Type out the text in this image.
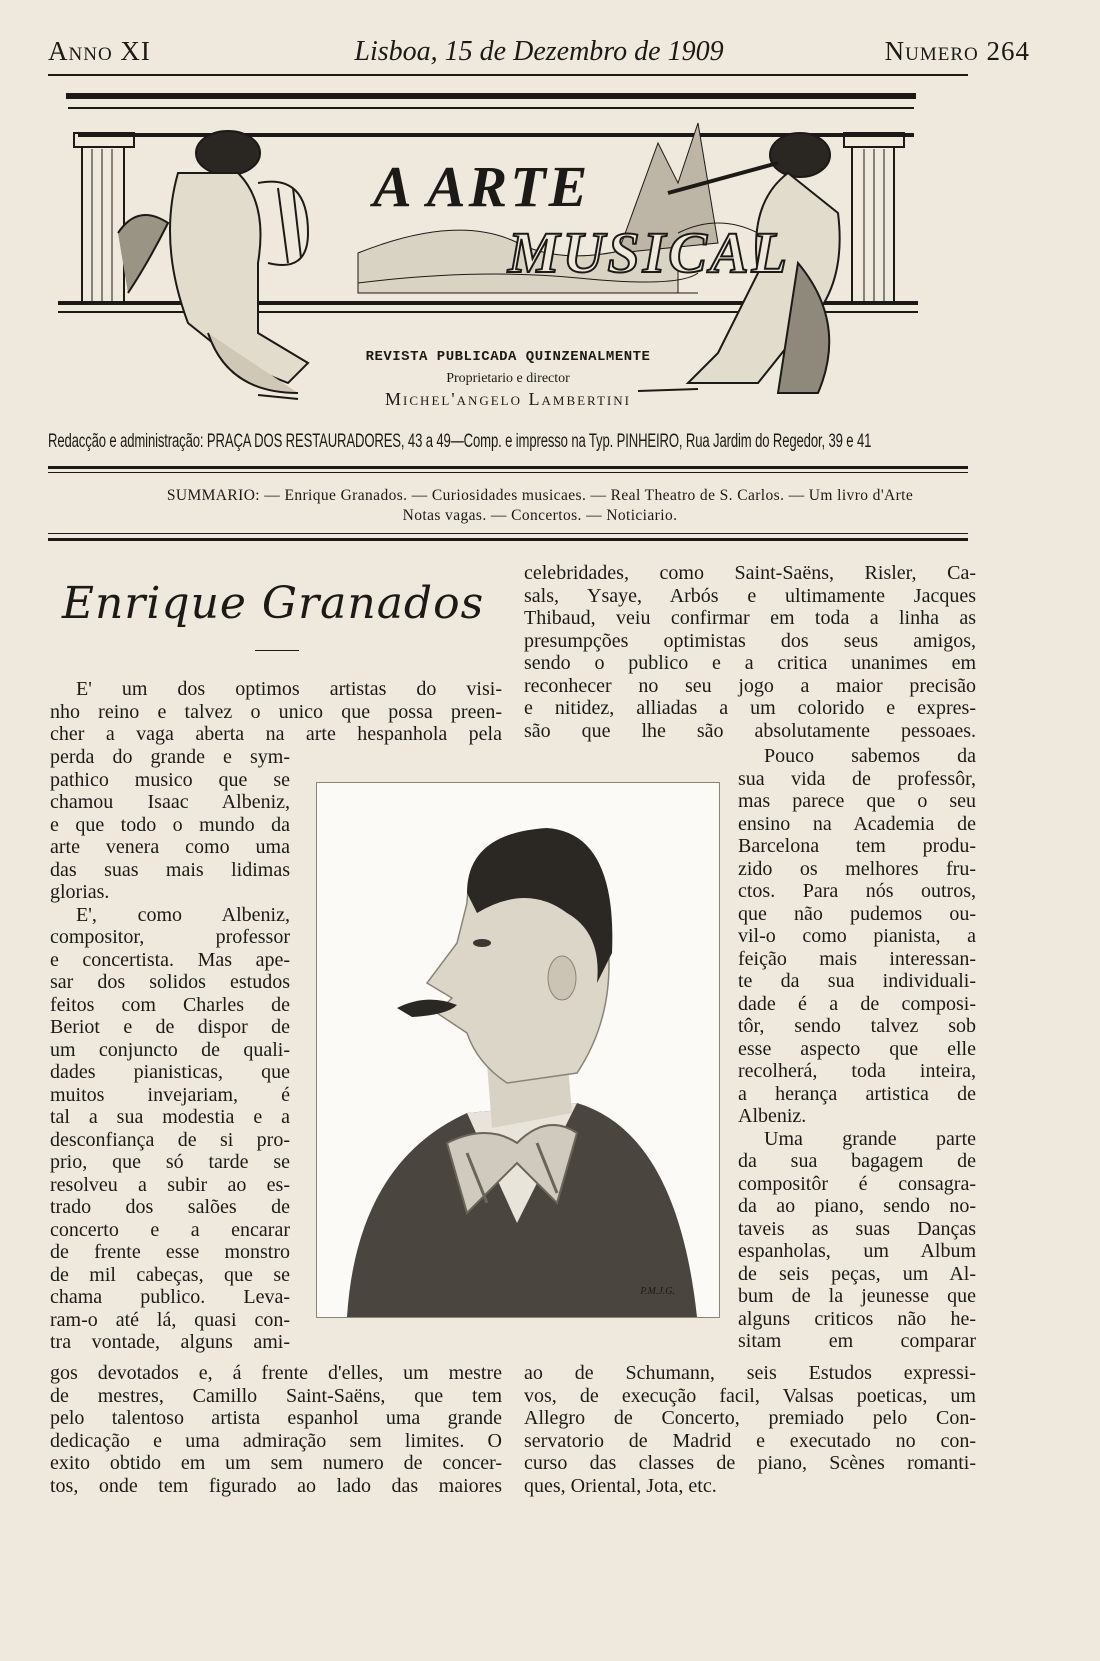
Anno XI	Lisboa, 15 de Dezembro de 1909	Numero 264
A ARTE
MUSICAL
REVISTA PUBLICADA QUINZENALMENTE
Proprietario e director
Michel'angelo Lambertini
Redacção e administração: PRAÇA DOS RESTAURADORES, 43 a 49—Comp. e impresso na Typ. PINHEIRO, Rua Jardim do Regedor, 39 e 41
SUMMARIO: — Enrique Granados. — Curiosidades musicaes. — Real Theatro de S. Carlos. — Um livro d'Arte
Notas vagas. — Concertos. — Noticiario.
Enrique Granados
E' um dos optimos artistas do visi-
nho reino e talvez o unico que possa preen-
cher a vaga aberta na arte hespanhola pela
perda do grande e sym-
pathico musico que se
chamou Isaac Albeniz,
e que todo o mundo da
arte venera como uma
das suas mais lidimas
glorias.
E', como Albeniz,
compositor, professor
e concertista. Mas ape-
sar dos solidos estudos
feitos com Charles de
Beriot e de dispor de
um conjuncto de quali-
dades pianisticas, que
muitos invejariam, é
tal a sua modestia e a
desconfiança de si pro-
prio, que só tarde se
resolveu a subir ao es-
trado dos salões de
concerto e a encarar
de frente esse monstro
de mil cabeças, que se
chama publico. Leva-
ram-o até lá, quasi con-
tra vontade, alguns ami-
gos devotados e, á frente d'elles, um mestre
de mestres, Camillo Saint-Saëns, que tem
pelo talentoso artista espanhol uma grande
dedicação e uma admiração sem limites. O
exito obtido em um sem numero de concer-
tos, onde tem figurado ao lado das maiores
celebridades, como Saint-Saëns, Risler, Ca-
sals, Ysaye, Arbós e ultimamente Jacques
Thibaud, veiu confirmar em toda a linha as
presumpções optimistas dos seus amigos,
sendo o publico e a critica unanimes em
reconhecer no seu jogo a maior precisão
e nitidez, alliadas a um colorido e expres-
são que lhe são absolutamente pessoaes.
Pouco sabemos da
sua vida de professôr,
mas parece que o seu
ensino na Academia de
Barcelona tem produ-
zido os melhores fru-
ctos. Para nós outros,
que não pudemos ou-
vil-o como pianista, a
feição mais interessan-
te da sua individuali-
dade é a de composi-
tôr, sendo talvez sob
esse aspecto que elle
recolherá, toda inteira,
a herança artistica de
Albeniz.
Uma grande parte
da sua bagagem de
compositôr é consagra-
da ao piano, sendo no-
taveis as suas Danças
espanholas, um Album
de seis peças, um Al-
bum de la jeunesse que
alguns criticos não he-
sitam em comparar
ao de Schumann, seis Estudos expressi-
vos, de execução facil, Valsas poeticas, um
Allegro de Concerto, premiado pelo Con-
servatorio de Madrid e executado no con-
curso das classes de piano, Scènes romanti-
ques, Oriental, Jota, etc.
P.M.J.G.
